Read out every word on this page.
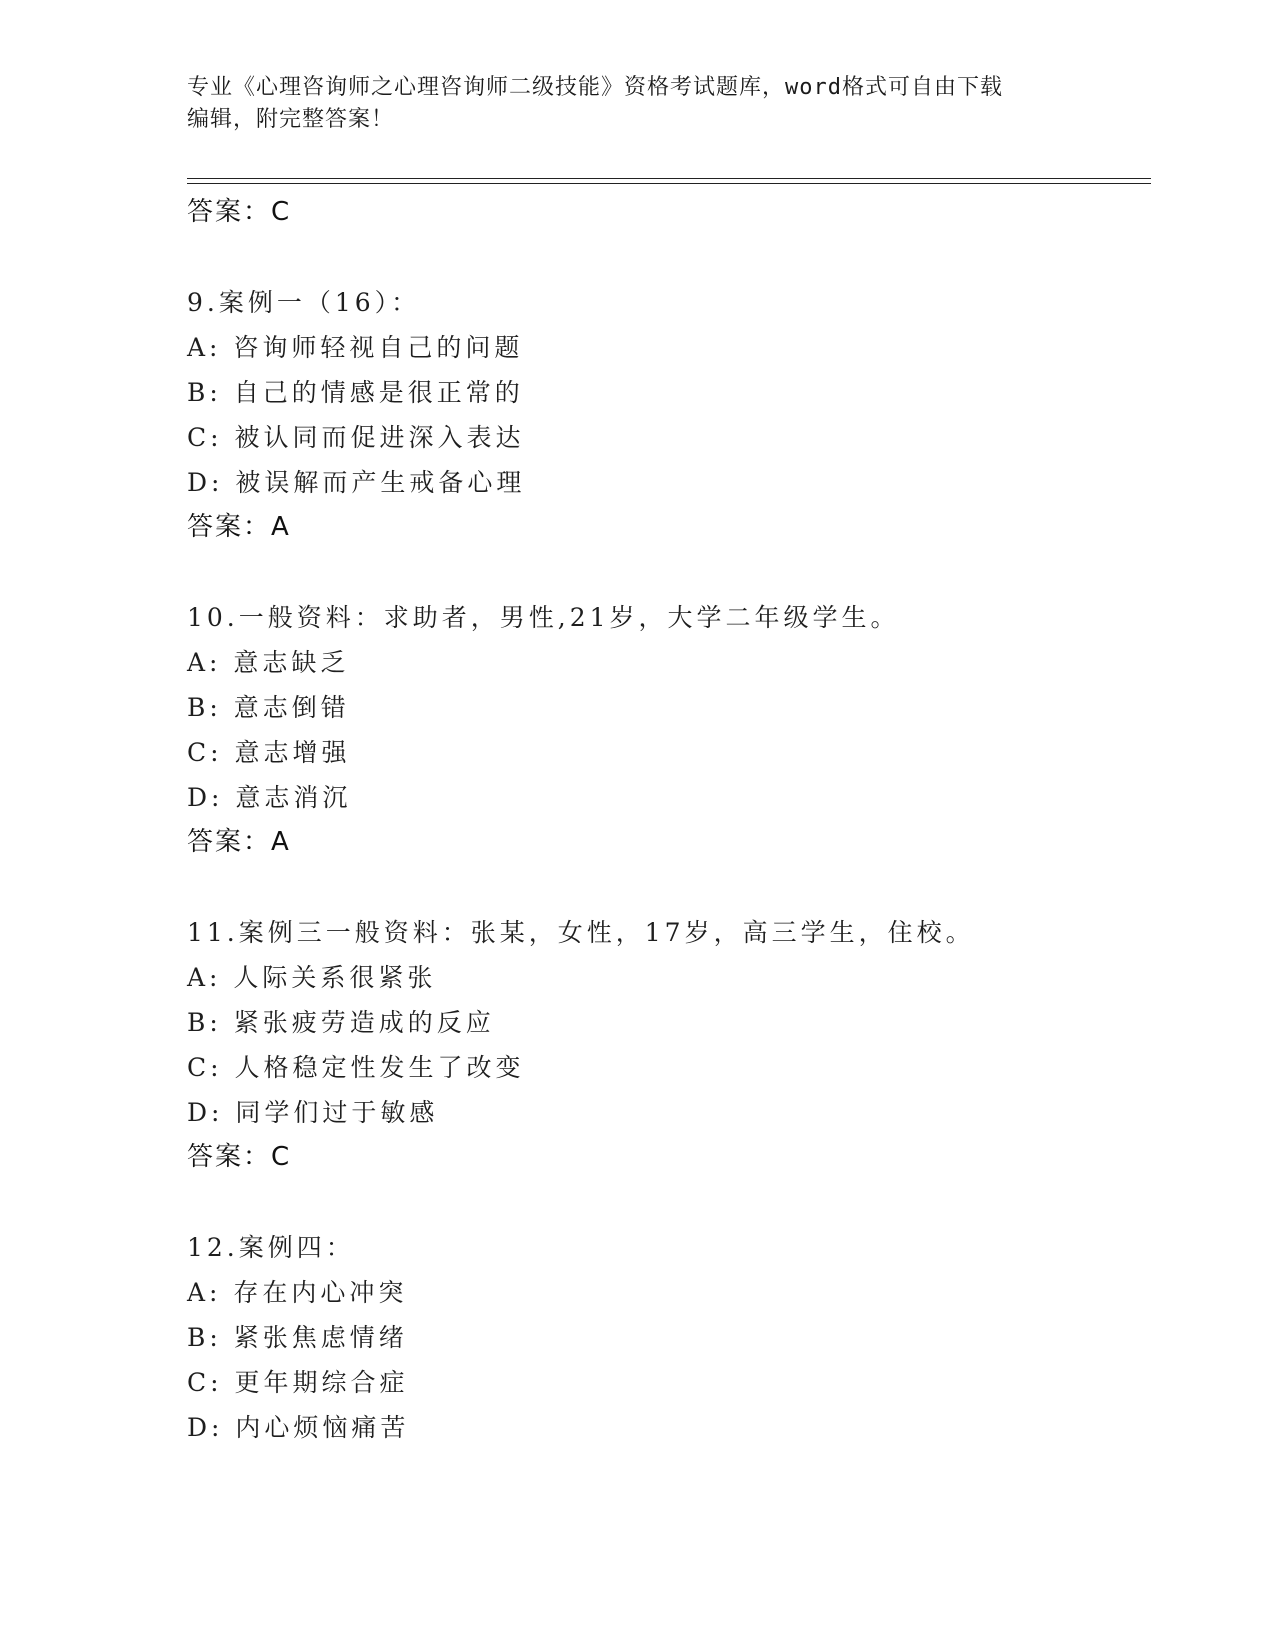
专业《心理咨询师之心理咨询师二级技能》资格考试题库，word格式可自由下载
编辑，附完整答案！
答案：C
9.案例一（16）：
A: 咨询师轻视自己的问题
B: 自己的情感是很正常的
C: 被认同而促进深入表达
D: 被误解而产生戒备心理
答案：A
10.一般资料：求助者，男性,21岁，大学二年级学生。
A: 意志缺乏
B: 意志倒错
C: 意志增强
D: 意志消沉
答案：A
11.案例三一般资料：张某，女性，17岁，高三学生，住校。
A: 人际关系很紧张
B: 紧张疲劳造成的反应
C: 人格稳定性发生了改变
D: 同学们过于敏感
答案：C
12.案例四：
A: 存在内心冲突
B: 紧张焦虑情绪
C: 更年期综合症
D: 内心烦恼痛苦
